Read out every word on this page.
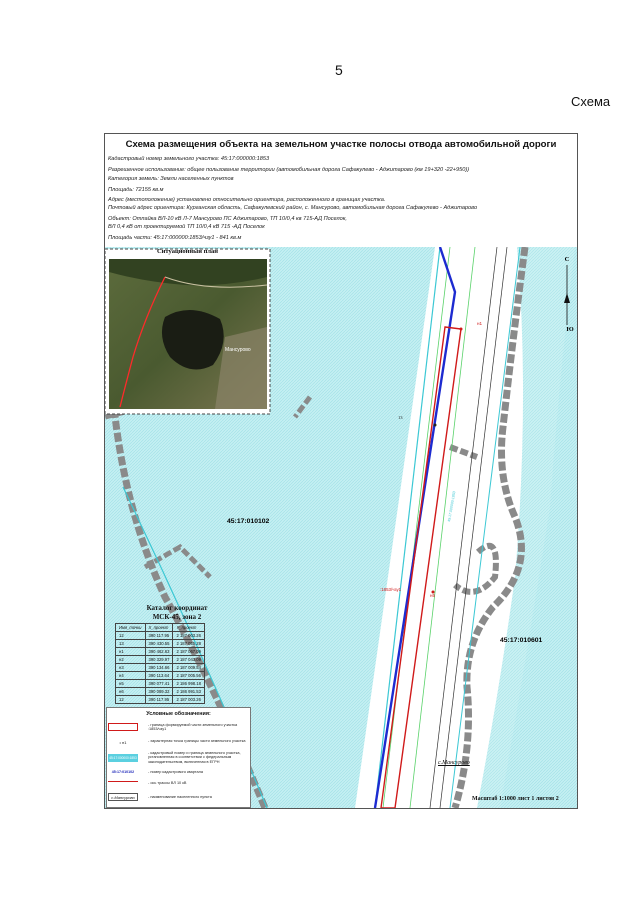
5
Схема
Схема размещения объекта на земельном участке полосы отвода автомобильной дороги
Кадастровый номер земельного участка: 45:17:000000:1853
Разрешенное использование: общее пользование территории (автомобильная дорога Сафакулево - Аджитарово (км 19+320 -22+950))
Категория земель: Земли населенных пунктов
Площадь: 72155 кв.м
Адрес (местоположение) установлено относительно ориентира, расположенного в границах участка.
Почтовый адрес ориентира: Курганская область, Сафакулевский район, с. Мансурово, автомобильная дорога Сафакулево - Аджитарово
Объект: Отпайка ВЛ-10 кВ Л-7 Мансурово ПС Аджитарово, ТП 10/0,4 кв 715-АД Поселок,
ВЛ 0,4 кВ от проектируемой ТП 10/0,4 кВ 715 -АД Поселок
Площадь части: 45:17:000000:1853/чзу1 - 841 кв.м
Мансурово
45:17:010102
45:17:010601
:1853/чзу1
13
н1
н5
45:17:000000:1853
С
Ю
Ситуационный план
Каталог координат
МСК-45, зона 2
Имя_точки	X_проект	Y_проект
12	390 117.95	2 187 003.26
13	390 430.55	2 187 055.28
н1	390 462.63	2 187 067.09
н2	390 329.97	2 187 043.09
н3	390 134.66	2 187 009.54
н4	390 113.64	2 187 005.56
н5	390 077.41	2 186 998.18
н6	390 089.32	2 186 991.53
12	390 117.95	2 187 003.26
Условные обозначения:
- граница формируемой части земельного участка :1853/чзу1
• н1	- характерная точка границы части земельного участка
45:17:000000:1853
- кадастровый номер и граница земельного участка, установленная в соответствии с федеральным законодательством, включенная в ЕГРН
45:17:010102	- номер кадастрового квартала
- ось трассы ВЛ 10 кВ
с.Мансурово	- наименование населенного пункта
с.Мансурово
Масштаб 1:1000 лист 1 листов 2
